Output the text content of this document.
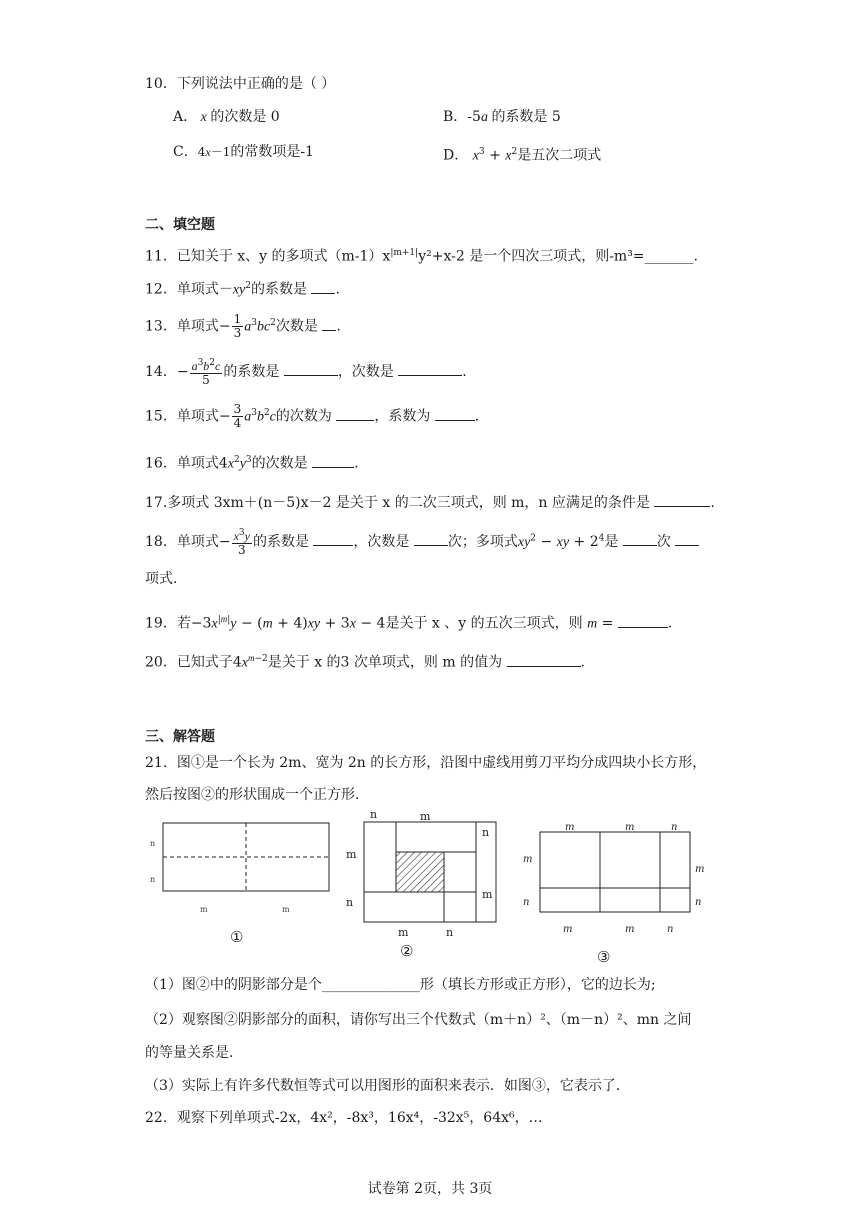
10．下列说法中正确的是（ ）
A． x 的次数是 0	B．-5a 的系数是 5
C．4x－1的常数项是-1	D． $x^3 + x^2$是五次二项式
二、填空题
11．已知关于 x、y 的多项式$(m-1)x^{|m+1|}y^2+x-2$ 是一个四次三项式，则-m³=_______.
12．单项式$-xy^2$的系数是 .
13．单项式− $\frac{1}{3} a^3bc^2$次数是 .
14．− $\frac{a^3b^2c}{5}$ 的系数是	，次数是	.
15．单项式− $\frac{3}{4} a^3b^2c$的次数为	，系数为	.
16．单项式$4x^2y^3$的次数是	.
17.多项式 3xm＋(n－5)x－2 是关于 x 的二次三项式，则 m，n 应满足的条件是	.
18．单项式− $\frac{x^3y}{3}$ 的系数是	，次数是	次；多项式$xy^2$ − xy + $2^4$是	次
项式.
19．若$-3x^{|m|}y - (m + 4)xy + 3x - 4$是关于 x 、y 的五次三项式，则 m =	.
20．已知式子$4x^{m-2}$是关于 x 的3 次单项式，则 m 的值为	.
三、解答题
21．图①是一个长为 2m、宽为 2n 的长方形，沿图中虚线用剪刀平均分成四块小长方形，
然后按图②的形状围成一个正方形．
n
n
m	m
①
n	m
n
m
m
n
m	n
②
m	m	n
m
n
m
n
m	m	n
③
（1）图②中的阴影部分是个______________形（填长方形或正方形），它的边长为;
（2）观察图②阴影部分的面积，请你写出三个代数式（m＋n）²、（m－n）²、mn 之间
的等量关系是.
（3）实际上有许多代数恒等式可以用图形的面积来表示．如图③，它表示了.
22．观察下列单项式-2x，4x²，-8x³，16x⁴，-32x⁵，64x⁶，…
试卷第 2页，共 3页
